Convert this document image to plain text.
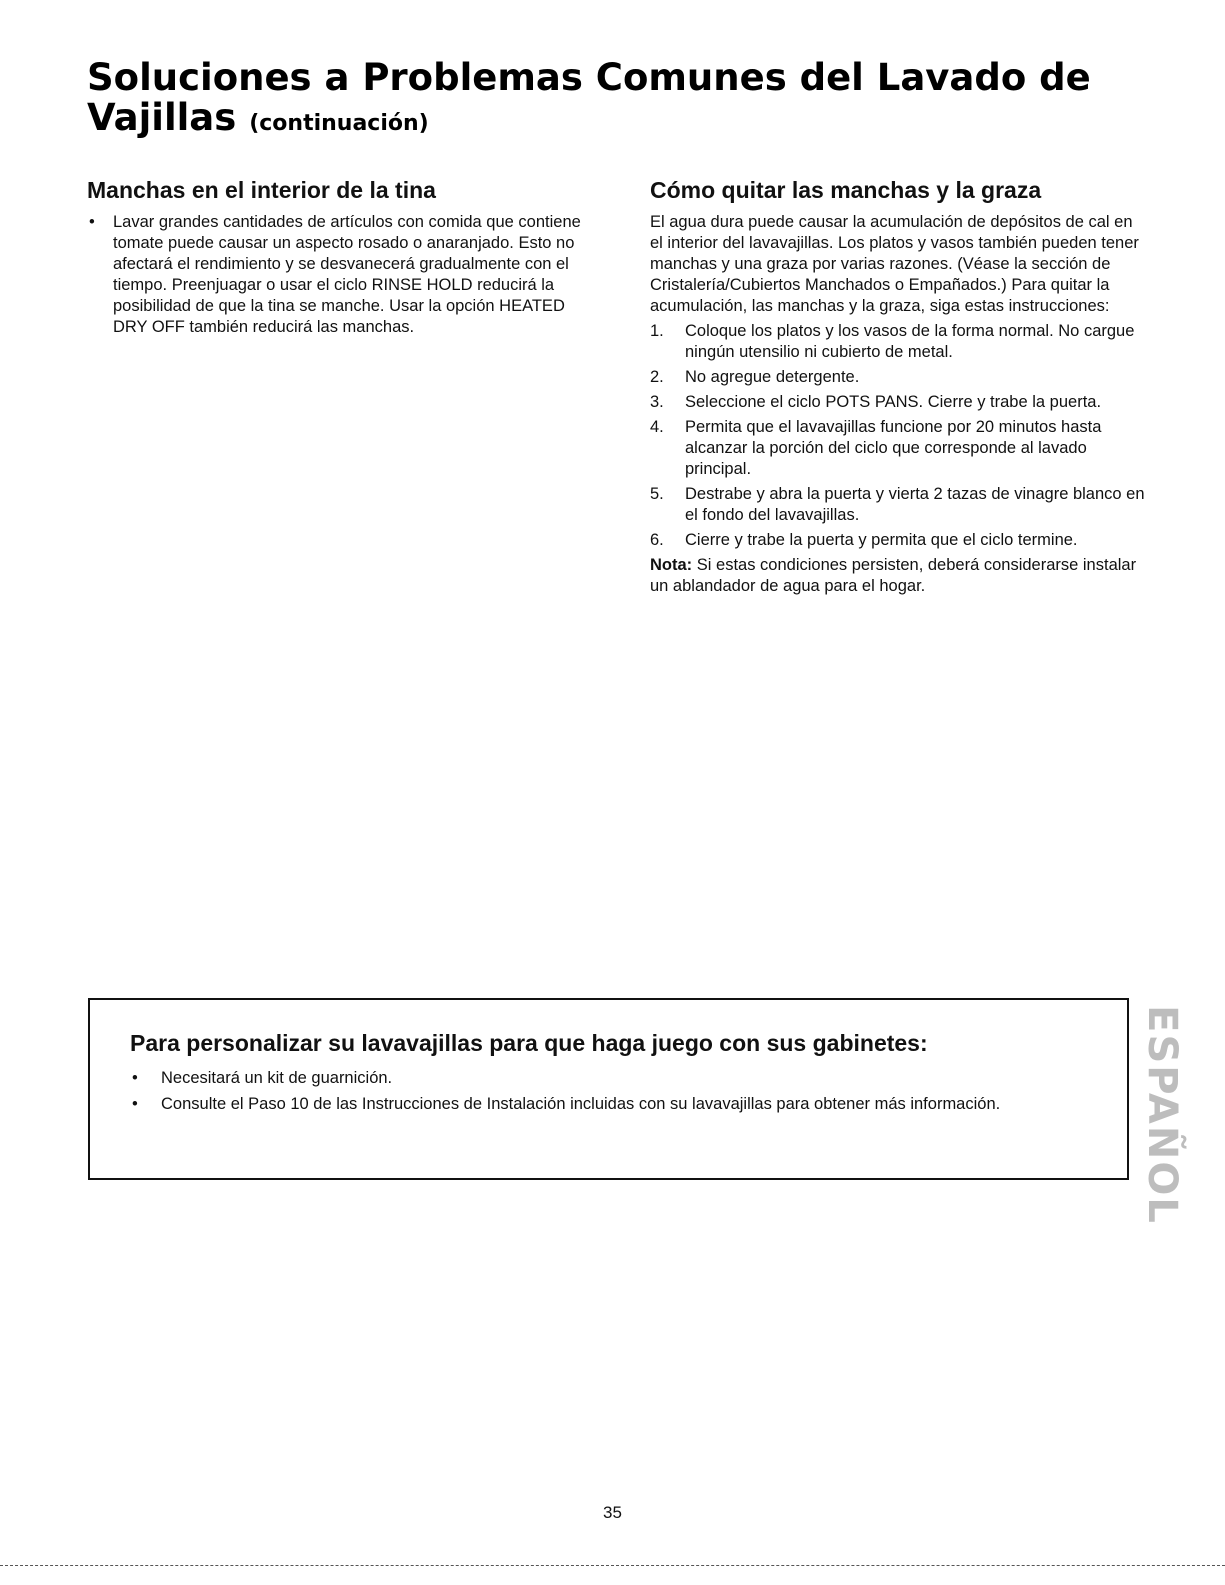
Soluciones a Problemas Comunes del Lavado de Vajillas (continuación)
Manchas en el interior de la tina
• Lavar grandes cantidades de artículos con comida que contiene tomate puede causar un aspecto rosado o anaranjado. Esto no afectará el rendimiento y se desvanecerá gradualmente con el tiempo. Preenjuagar o usar el ciclo RINSE HOLD reducirá la posibilidad de que la tina se manche. Usar la opción HEATED DRY OFF también reducirá las manchas.
Cómo quitar las manchas y la graza

El agua dura puede causar la acumulación de depósitos de cal en el interior del lavavajillas. Los platos y vasos también pueden tener manchas y una graza por varias razones. (Véase la sección de Cristalería/Cubiertos Manchados o Empañados.) Para quitar la acumulación, las manchas y la graza, siga estas instrucciones:

1. Coloque los platos y los vasos de la forma normal. No cargue ningún utensilio ni cubierto de metal.
2. No agregue detergente.
3. Seleccione el ciclo POTS PANS. Cierre y trabe la puerta.
4. Permita que el lavavajillas funcione por 20 minutos hasta alcanzar la porción del ciclo que corresponde al lavado principal.
5. Destrabe y abra la puerta y vierta 2 tazas de vinagre blanco en el fondo del lavavajillas.
6. Cierre y trabe la puerta y permita que el ciclo termine.

Nota: Si estas condiciones persisten, deberá considerarse instalar un ablandador de agua para el hogar.

Para personalizar su lavavajillas para que haga juego con sus gabinetes:
• Necesitará un kit de guarnición.
• Consulte el Paso 10 de las Instrucciones de Instalación incluidas con su lavavajillas para obtener más información.	ESPAÑOL
35
